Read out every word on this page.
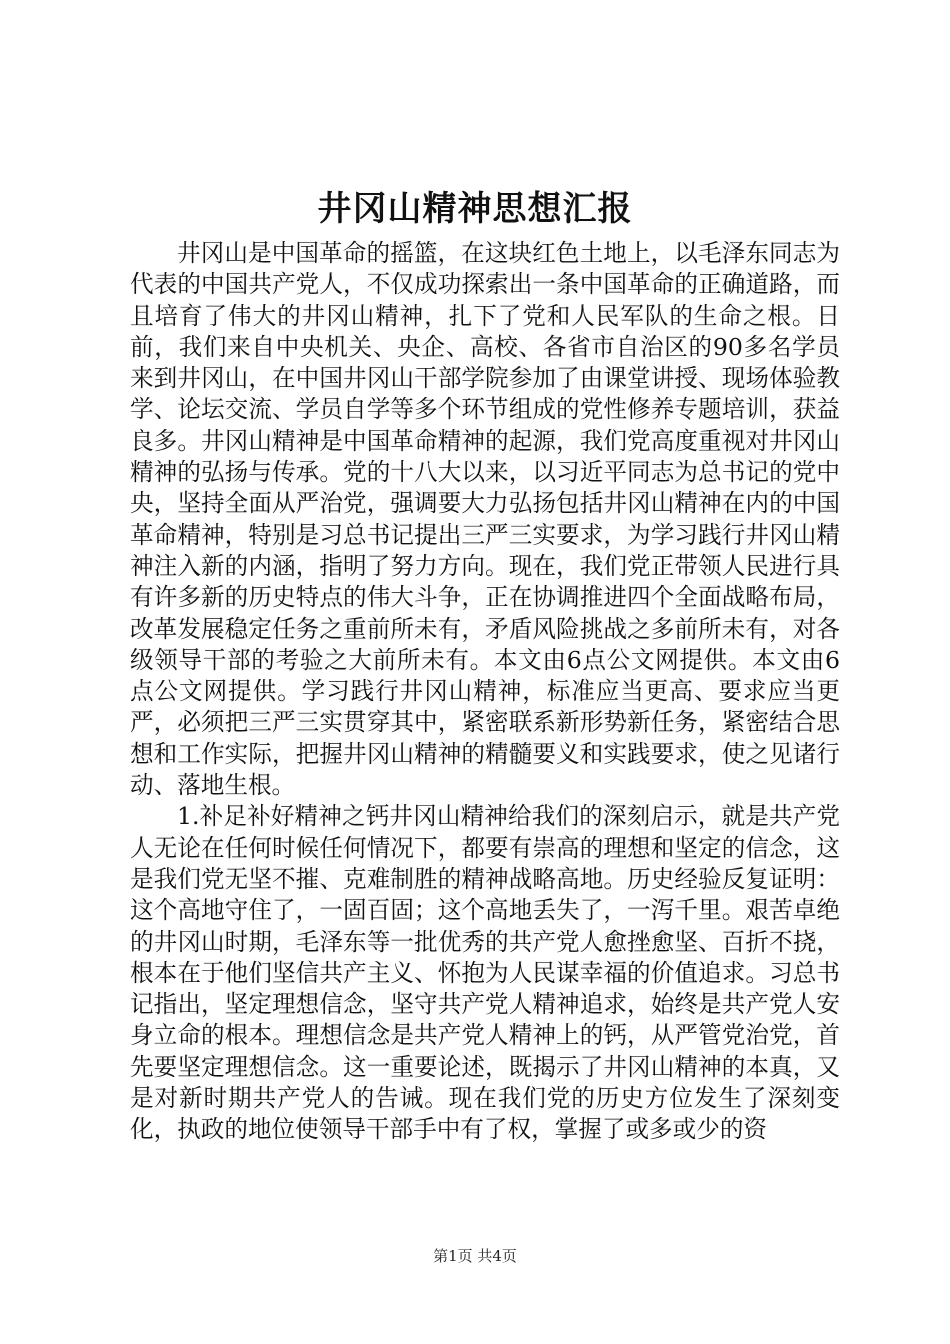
井冈山精神思想汇报

井冈山是中国革命的摇篮，在这块红色土地上，以毛泽东同志为代表的中国共产党人，不仅成功探索出一条中国革命的正确道路，而且培育了伟大的井冈山精神，扎下了党和人民军队的生命之根。日前，我们来自中央机关、央企、高校、各省市自治区的90多名学员来到井冈山，在中国井冈山干部学院参加了由课堂讲授、现场体验教学、论坛交流、学员自学等多个环节组成的党性修养专题培训，获益良多。井冈山精神是中国革命精神的起源，我们党高度重视对井冈山精神的弘扬与传承。党的十八大以来，以习近平同志为总书记的党中央，坚持全面从严治党，强调要大力弘扬包括井冈山精神在内的中国革命精神，特别是习总书记提出三严三实要求，为学习践行井冈山精神注入新的内涵，指明了努力方向。现在，我们党正带领人民进行具有许多新的历史特点的伟大斗争，正在协调推进四个全面战略布局，改革发展稳定任务之重前所未有，矛盾风险挑战之多前所未有，对各级领导干部的考验之大前所未有。本文由6点公文网提供。本文由6点公文网提供。学习践行井冈山精神，标准应当更高、要求应当更严，必须把三严三实贯穿其中，紧密联系新形势新任务，紧密结合思想和工作实际，把握井冈山精神的精髓要义和实践要求，使之见诸行动、落地生根。

1.补足补好精神之钙井冈山精神给我们的深刻启示，就是共产党人无论在任何时候任何情况下，都要有崇高的理想和坚定的信念，这是我们党无坚不摧、克难制胜的精神战略高地。历史经验反复证明：这个高地守住了，一固百固；这个高地丢失了，一泻千里。艰苦卓绝的井冈山时期，毛泽东等一批优秀的共产党人愈挫愈坚、百折不挠，根本在于他们坚信共产主义、怀抱为人民谋幸福的价值追求。习总书记指出，坚定理想信念，坚守共产党人精神追求，始终是共产党人安身立命的根本。理想信念是共产党人精神上的钙，从严管党治党，首先要坚定理想信念。这一重要论述，既揭示了井冈山精神的本真，又是对新时期共产党人的告诫。现在我们党的历史方位发生了深刻变化，执政的地位使领导干部手中有了权，掌握了或多或少的资

第1页 共4页
